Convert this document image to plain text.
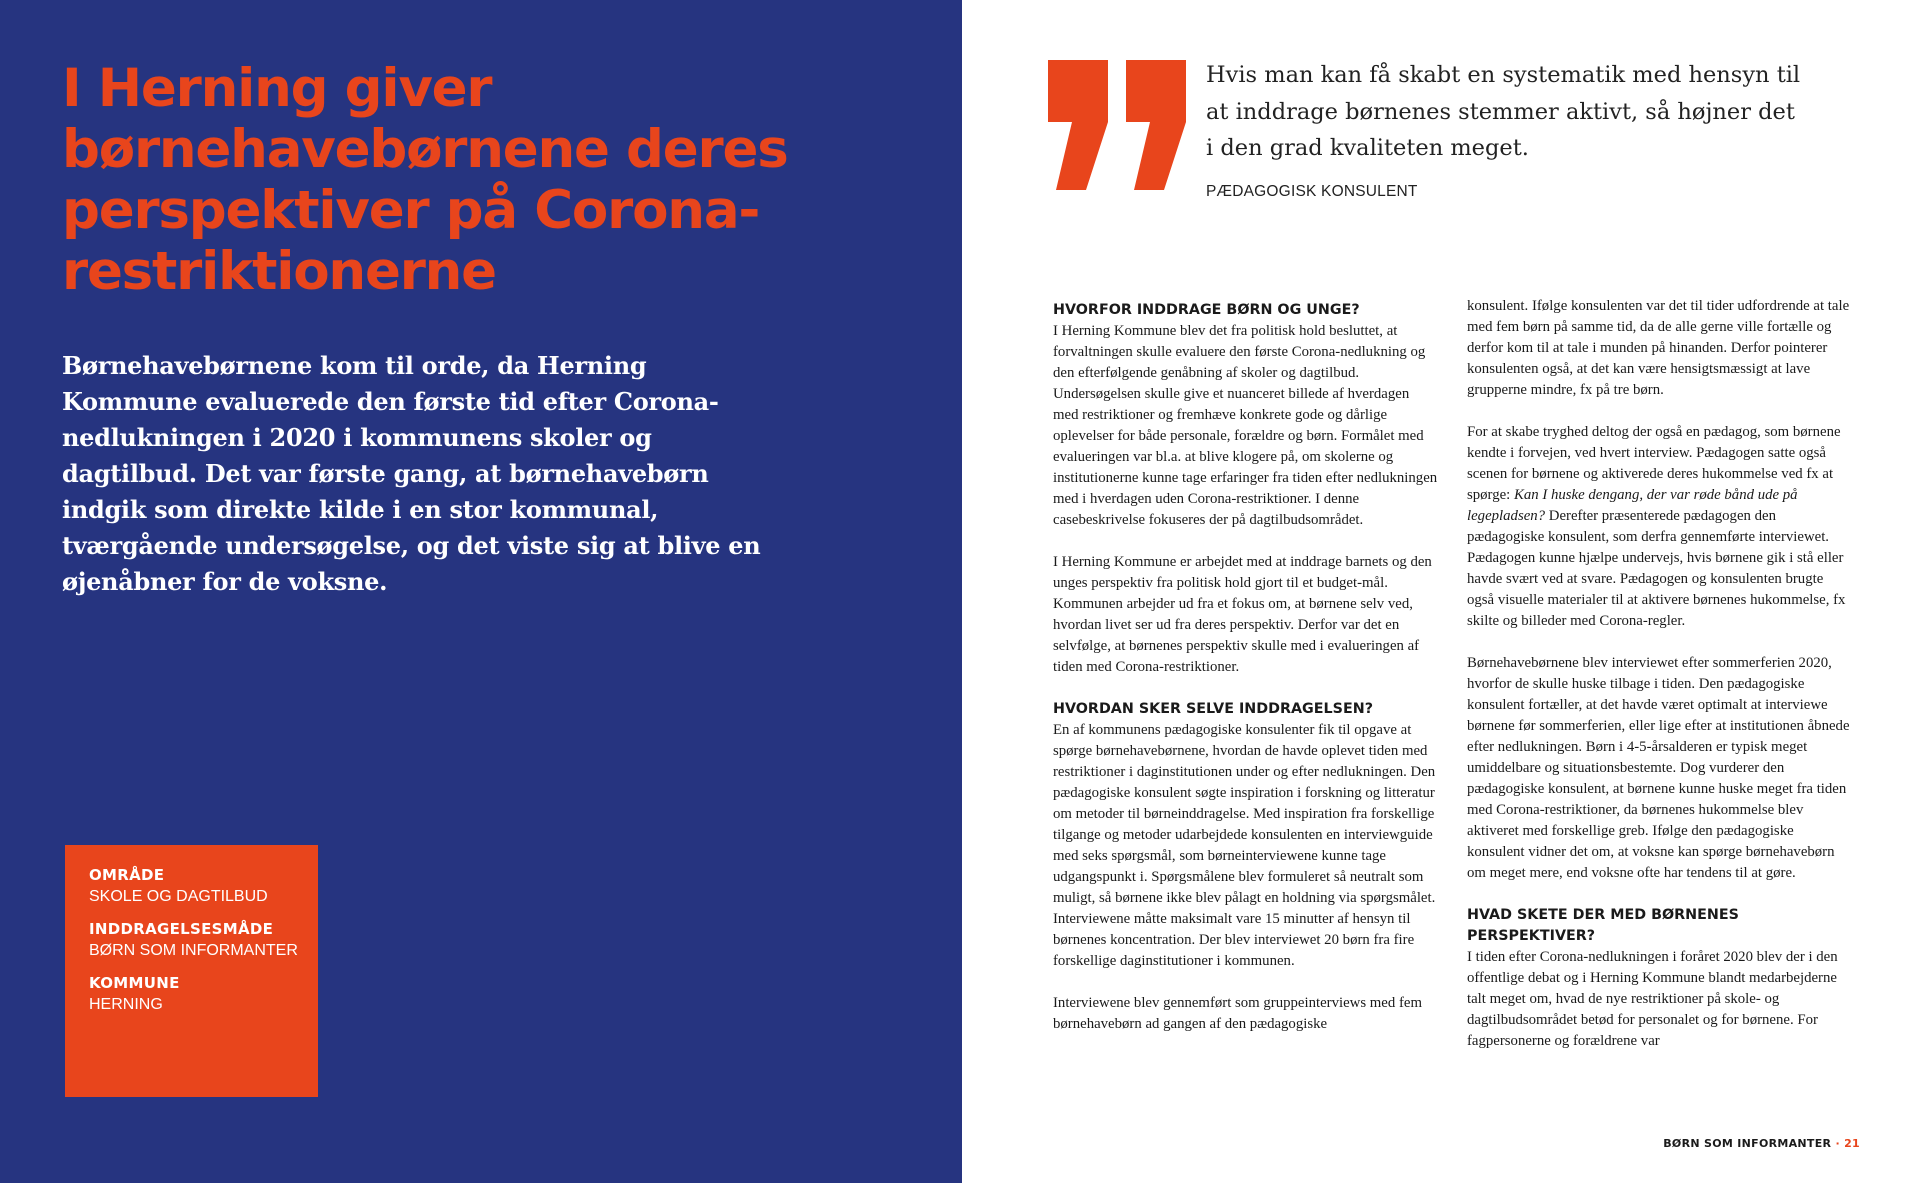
I Herning giver børnehavebørnene deres perspektiver på Corona-restriktionerne

Børnehavebørnene kom til orde, da Herning Kommune evaluerede den første tid efter Corona-nedlukningen i 2020 i kommunens skoler og dagtilbud. Det var første gang, at børnehavebørn indgik som direkte kilde i en stor kommunal, tværgående undersøgelse, og det viste sig at blive en øjenåbner for de voksne.

OMRÅDE
SKOLE OG DAGTILBUD
INDDRAGELSESMÅDE
BØRN SOM INFORMANTER
KOMMUNE
HERNING

Hvis man kan få skabt en systematik med hensyn til at inddrage børnenes stemmer aktivt, så højner det i den grad kvaliteten meget.

PÆDAGOGISK KONSULENT
HVORFOR INDDRAGE BØRN OG UNGE?

I Herning Kommune blev det fra politisk hold besluttet, at forvaltningen skulle evaluere den første Corona-nedlukning og den efterfølgende genåbning af skoler og dagtilbud. Undersøgelsen skulle give et nuanceret billede af hverdagen med restriktioner og fremhæve konkrete gode og dårlige oplevelser for både personale, forældre og børn. Formålet med evalueringen var bl.a. at blive klogere på, om skolerne og institutionerne kunne tage erfaringer fra tiden efter nedlukningen med i hverdagen uden Corona-restriktioner. I denne casebeskrivelse fokuseres der på dagtilbudsområdet.

I Herning Kommune er arbejdet med at inddrage barnets og den unges perspektiv fra politisk hold gjort til et budget-mål. Kommunen arbejder ud fra et fokus om, at børnene selv ved, hvordan livet ser ud fra deres perspektiv. Derfor var det en selvfølge, at børnenes perspektiv skulle med i evalueringen af tiden med Corona-restriktioner.

HVORDAN SKER SELVE INDDRAGELSEN?

En af kommunens pædagogiske konsulenter fik til opgave at spørge børnehavebørnene, hvordan de havde oplevet tiden med restriktioner i daginstitutionen under og efter nedlukningen. Den pædagogiske konsulent søgte inspiration i forskning og litteratur om metoder til børneinddragelse. Med inspiration fra forskellige tilgange og metoder udarbejdede konsulenten en interviewguide med seks spørgsmål, som børneinterviewene kunne tage udgangspunkt i. Spørgsmålene blev formuleret så neutralt som muligt, så børnene ikke blev pålagt en holdning via spørgsmålet. Interviewene måtte maksimalt vare 15 minutter af hensyn til børnenes koncentration. Der blev interviewet 20 børn fra fire forskellige daginstitutioner i kommunen.

Interviewene blev gennemført som gruppeinterviews med fem børnehavebørn ad gangen af den pædagogiske

konsulent. Ifølge konsulenten var det til tider udfordrende at tale med fem børn på samme tid, da de alle gerne ville fortælle og derfor kom til at tale i munden på hinanden. Derfor pointerer konsulenten også, at det kan være hensigtsmæssigt at lave grupperne mindre, fx på tre børn.

For at skabe tryghed deltog der også en pædagog, som børnene kendte i forvejen, ved hvert interview. Pædagogen satte også scenen for børnene og aktiverede deres hukommelse ved fx at spørge: Kan I huske dengang, der var røde bånd ude på legepladsen? Derefter præsenterede pædagogen den pædagogiske konsulent, som derfra gennemførte interviewet. Pædagogen kunne hjælpe undervejs, hvis børnene gik i stå eller havde svært ved at svare. Pædagogen og konsulenten brugte også visuelle materialer til at aktivere børnenes hukommelse, fx skilte og billeder med Corona-regler.

Børnehavebørnene blev interviewet efter sommerferien 2020, hvorfor de skulle huske tilbage i tiden. Den pædagogiske konsulent fortæller, at det havde været optimalt at interviewe børnene før sommerferien, eller lige efter at institutionen åbnede efter nedlukningen. Børn i 4-5-årsalderen er typisk meget umiddelbare og situationsbestemte. Dog vurderer den pædagogiske konsulent, at børnene kunne huske meget fra tiden med Corona-restriktioner, da børnenes hukommelse blev aktiveret med forskellige greb. Ifølge den pædagogiske konsulent vidner det om, at voksne kan spørge børnehavebørn om meget mere, end voksne ofte har tendens til at gøre.

HVAD SKETE DER MED BØRNENES PERSPEKTIVER?

I tiden efter Corona-nedlukningen i foråret 2020 blev der i den offentlige debat og i Herning Kommune blandt medarbejderne talt meget om, hvad de nye restriktioner på skole- og dagtilbudsområdet betød for personalet og for børnene. For fagpersonerne og forældrene var

BØRN SOM INFORMANTER · 21
